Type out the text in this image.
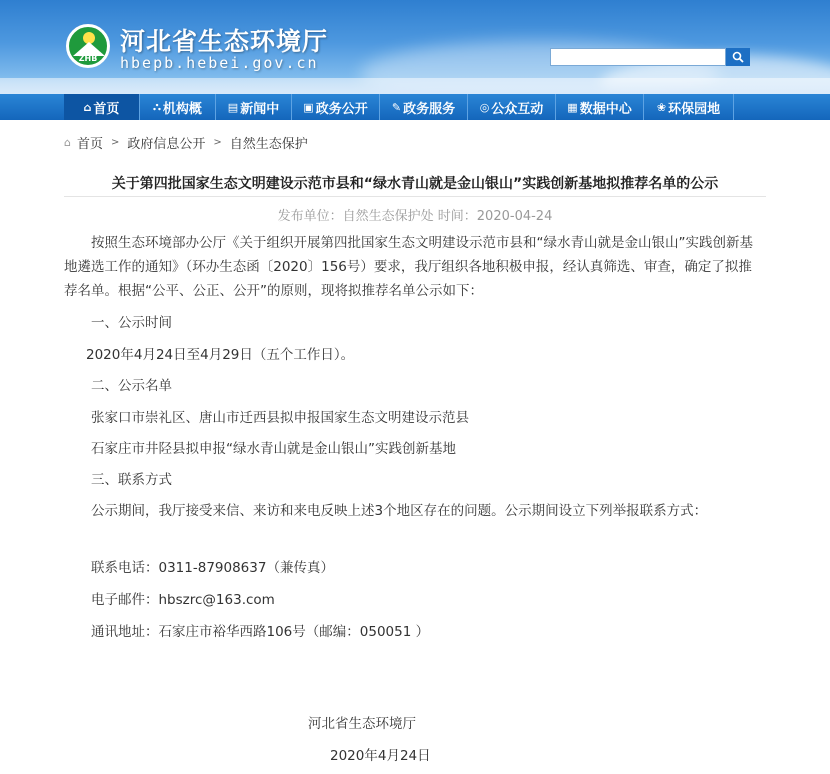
ZHB
河北省生态环境厅
hbepb.hebei.gov.cn
⌂ 首页	⛬ 机构概 ▤ 新闻中 ▣ 政务公开 ✎ 政务服务 ◎ 公众互动 ▦ 数据中心 ❀ 环保园地
⌂ 首页 > 政府信息公开 > 自然生态保护
关于第四批国家生态文明建设示范市县和“绿水青山就是金山银山”实践创新基地拟推荐名单的公示
发布单位：自然生态保护处 时间：2020-04-24
按照生态环境部办公厅《关于组织开展第四批国家生态文明建设示范市县和“绿水青山就是金山银山”实践创新基地遴选工作的通知》（环办生态函〔2020〕156号）要求，我厅组织各地积极申报，经认真筛选、审查，确定了拟推荐名单。根据“公平、公正、公开”的原则，现将拟推荐名单公示如下：
一、公示时间
2020年4月24日至4月29日（五个工作日）。
二、公示名单
张家口市崇礼区、唐山市迁西县拟申报国家生态文明建设示范县
石家庄市井陉县拟申报“绿水青山就是金山银山”实践创新基地
三、联系方式
公示期间，我厅接受来信、来访和来电反映上述3个地区存在的问题。公示期间设立下列举报联系方式：
联系电话：0311-87908637（兼传真）
电子邮件：hbszrc@163.com
通讯地址：石家庄市裕华西路106号（邮编：050051 ）
河北省生态环境厅
2020年4月24日
